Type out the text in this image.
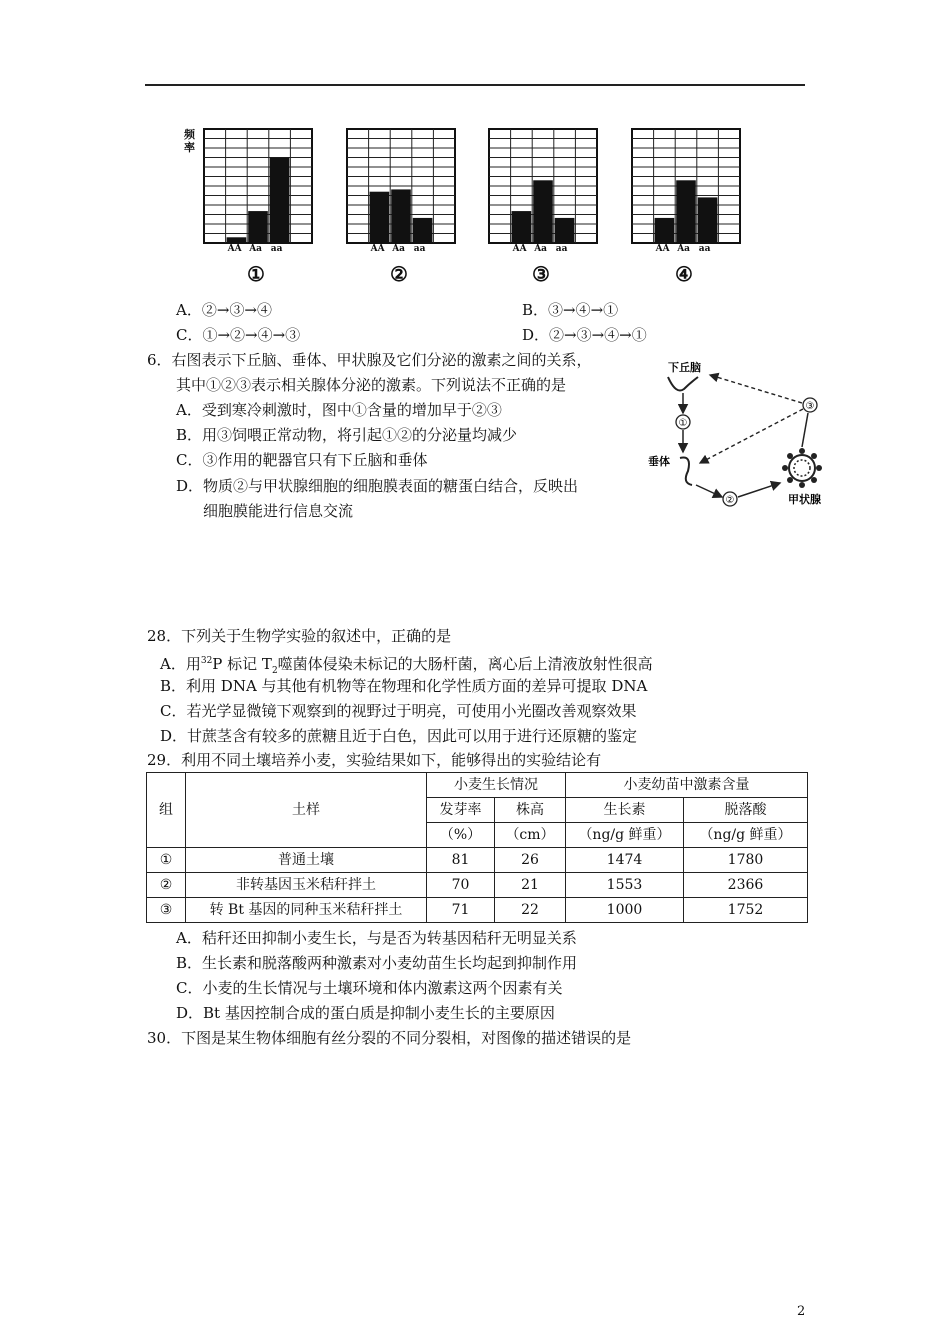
频率
AA Aa aa
①
AA Aa aa
②
AA Aa aa
③
AA Aa aa
④
A．②→③→④	B．③→④→①
C．①→②→④→③	D．②→③→④→①
6．右图表示下丘脑、垂体、甲状腺及它们分泌的激素之间的关系，
其中①②③表示相关腺体分泌的激素。下列说法不正确的是
A．受到寒冷刺激时，图中①含量的增加早于②③
B．用③饲喂正常动物，将引起①②的分泌量均减少
C．③作用的靶器官只有下丘脑和垂体
D．物质②与甲状腺细胞的细胞膜表面的糖蛋白结合，反映出
细胞膜能进行信息交流
下丘脑
①
垂体
②	甲状腺
③
28．下列关于生物学实验的叙述中，正确的是
A．用$^{32}$P 标记 $T_2$噬菌体侵染未标记的大肠杆菌，离心后上清液放射性很高
B．利用 DNA 与其他有机物等在物理和化学性质方面的差异可提取 DNA
C．若光学显微镜下观察到的视野过于明亮，可使用小光圈改善观察效果
D．甘蔗茎含有较多的蔗糖且近于白色，因此可以用于进行还原糖的鉴定
29．利用不同土壤培养小麦，实验结果如下，能够得出的实验结论有
组	土样	小麦生长情况		小麦幼苗中激素含量	
		发芽率	株高	生长素	脱落酸
		（%）	（cm）	（ng/g 鲜重）	（ng/g 鲜重）
①	普通土壤	81	26	1474	1780
②	非转基因玉米秸秆拌土	70	21	1553	2366
③	转 Bt 基因的同种玉米秸秆拌土	71	22	1000	1752
A．秸秆还田抑制小麦生长，与是否为转基因秸秆无明显关系
B．生长素和脱落酸两种激素对小麦幼苗生长均起到抑制作用
C．小麦的生长情况与土壤环境和体内激素这两个因素有关
D．Bt 基因控制合成的蛋白质是抑制小麦生长的主要原因
30．下图是某生物体细胞有丝分裂的不同分裂相，对图像的描述错误的是
2
